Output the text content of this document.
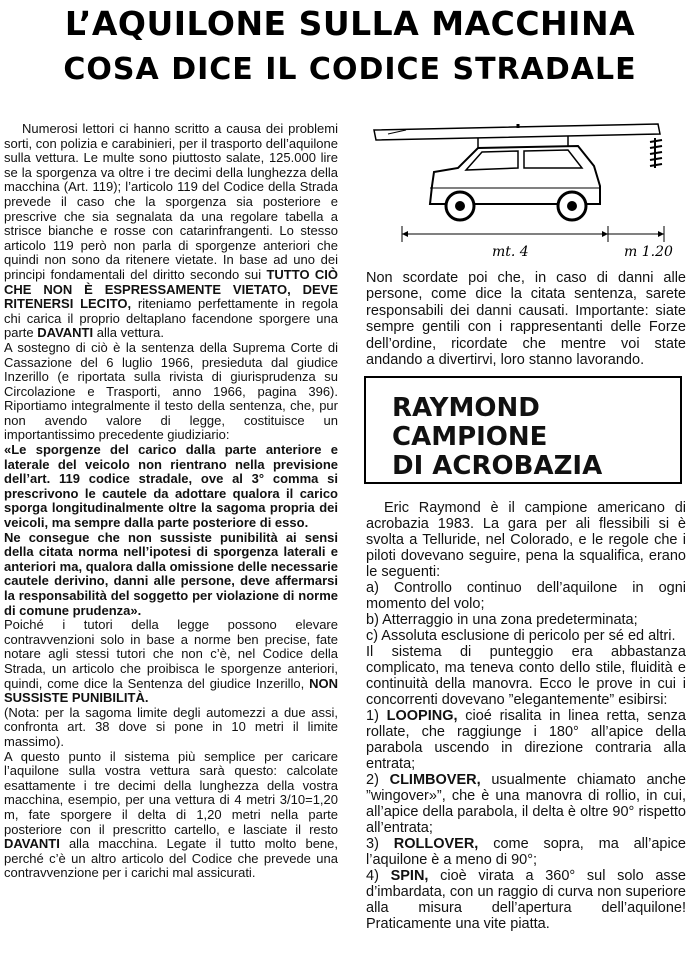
L’AQUILONE SULLA MACCHINA
COSA DICE IL CODICE STRADALE

Numerosi lettori ci hanno scritto a causa dei problemi sorti, con polizia e carabinieri, per il trasporto dell’aquilone sulla vettura. Le multe sono piuttosto salate, 125.000 lire se la sporgenza va oltre i tre decimi della lunghezza della macchina (Art. 119); l’articolo 119 del Codice della Strada prevede il caso che la sporgenza sia posteriore e prescrive che sia segnalata da una regolare tabella a strisce bianche e rosse con catarinfrangenti. Lo stesso articolo 119 però non parla di sporgenze anteriori che quindi non sono da ritenere vietate. In base ad uno dei principi fondamentali del diritto secondo sui TUTTO CIÒ CHE NON È ESPRESSAMENTE VIETATO, DEVE RITENERSI LECITO, riteniamo perfettamente in regola chi carica il proprio deltaplano facendone sporgere una parte DAVANTI alla vettura.

A sostegno di ciò è la sentenza della Suprema Corte di Cassazione del 6 luglio 1966, presieduta dal giudice Inzerillo (e riportata sulla rivista di giurisprudenza su Circolazione e Trasporti, anno 1966, pagina 396). Riportiamo integralmente il testo della sentenza, che, pur non avendo valore di legge, costituisce un importantissimo precedente giudiziario:

«Le sporgenze del carico dalla parte anteriore e laterale del veicolo non rientrano nella previsione dell’art. 119 codice stradale, ove al 3° comma si prescrivono le cautele da adottare qualora il carico sporga longitudinalmente oltre la sagoma propria dei veicoli, ma sempre dalla parte posteriore di esso.

Ne consegue che non sussiste punibilità ai sensi della citata norma nell’ipotesi di sporgenza laterali e anteriori ma, qualora dalla omissione delle necessarie cautele derivino, danni alle persone, deve affermarsi la responsabilità del soggetto per violazione di norme di comune prudenza».

Poiché i tutori della legge possono elevare contravvenzioni solo in base a norme ben precise, fate notare agli stessi tutori che non c’è, nel Codice della Strada, un articolo che proibisca le sporgenze anteriori, quindi, come dice la Sentenza del giudice Inzerillo, NON SUSSISTE PUNIBILITÀ.

(Nota: per la sagoma limite degli automezzi a due assi, confronta art. 38 dove si pone in 10 metri il limite massimo).

A questo punto il sistema più semplice per caricare l’aquilone sulla vostra vettura sarà questo: calcolate esattamente i tre decimi della lunghezza della vostra macchina, esempio, per una vettura di 4 metri 3/10=1,20 m, fate sporgere il delta di 1,20 metri nella parte posteriore con il prescritto cartello, e lasciate il resto DAVANTI alla macchina. Legate il tutto molto bene, perché c’è un altro articolo del Codice che prevede una contravvenzione per i carichi mal assicurati.

mt. 4	m 1.20

Non scordate poi che, in caso di danni alle persone, come dice la citata sentenza, sarete responsabili dei danni causati. Importante: siate sempre gentili con i rappresentanti delle Forze dell’ordine, ricordate che mentre voi state andando a divertirvi, loro stanno lavorando.

RAYMOND
CAMPIONE
DI ACROBAZIA

Eric Raymond è il campione americano di acrobazia 1983. La gara per ali flessibili si è svolta a Telluride, nel Colorado, e le regole che i piloti dovevano seguire, pena la squalifica, erano le seguenti:

a) Controllo continuo dell’aquilone in ogni momento del volo;

b) Atterraggio in una zona predeterminata;

c) Assoluta esclusione di pericolo per sé ed altri.

Il sistema di punteggio era abbastanza complicato, ma teneva conto dello stile, fluidità e continuità della manovra. Ecco le prove in cui i concorrenti dovevano ”elegantemente” esibirsi:

1) LOOPING, cioé risalita in linea retta, senza rollate, che raggiunge i 180° all’apice della parabola uscendo in direzione contraria alla entrata;

2) CLIMBOVER, usualmente chiamato anche ”wingover»”, che è una manovra di rollio, in cui, all’apice della parabola, il delta è oltre 90° rispetto all’entrata;

3) ROLLOVER, come sopra, ma all’apice l’aquilone è a meno di 90°;

4) SPIN, cioè virata a 360° sul solo asse d’imbardata, con un raggio di curva non superiore alla misura dell’apertura dell’aquilone! Praticamente una vite piatta.
